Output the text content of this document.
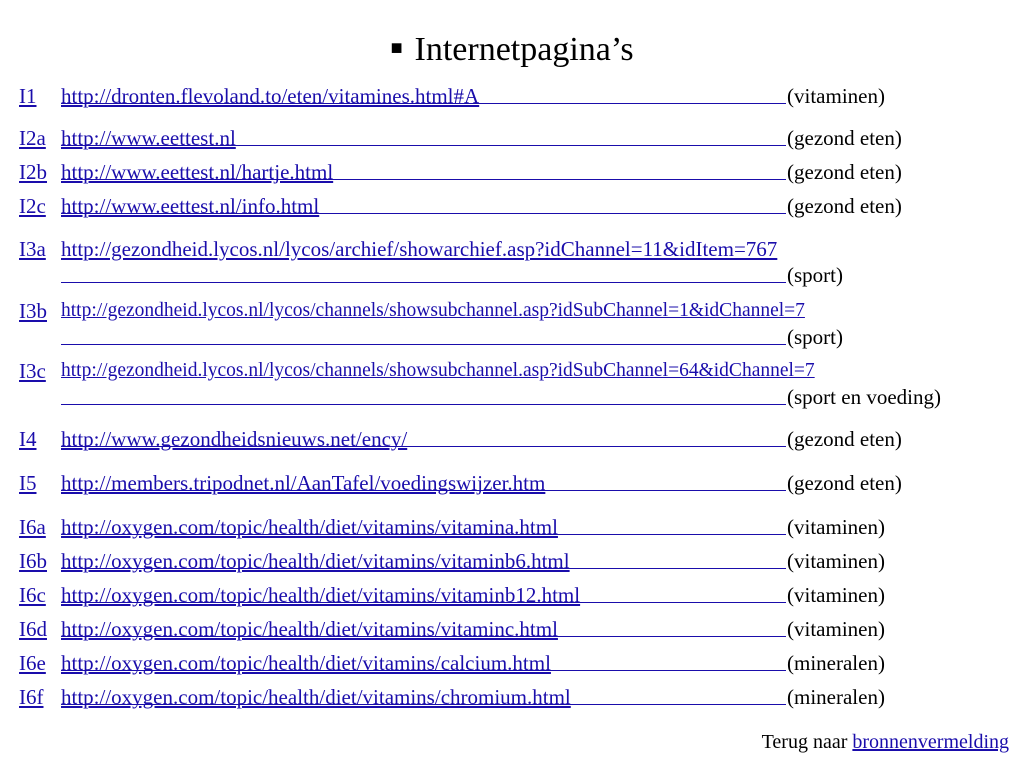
■ Internetpagina’s
I1 http://dronten.flevoland.to/eten/vitamines.html#A	(vitaminen)
I2a http://www.eettest.nl	(gezond eten)
I2b http://www.eettest.nl/hartje.html	(gezond eten)
I2c http://www.eettest.nl/info.html	(gezond eten)
I3a http://gezondheid.lycos.nl/lycos/archief/showarchief.asp?idChannel=11&idItem=767
(sport)
I3b http://gezondheid.lycos.nl/lycos/channels/showsubchannel.asp?idSubChannel=1&idChannel=7
(sport)
I3c http://gezondheid.lycos.nl/lycos/channels/showsubchannel.asp?idSubChannel=64&idChannel=7
(sport en voeding)
I4 http://www.gezondheidsnieuws.net/ency/	(gezond eten)
I5 http://members.tripodnet.nl/AanTafel/voedingswijzer.htm	(gezond eten)
I6a http://oxygen.com/topic/health/diet/vitamins/vitamina.html	(vitaminen)
I6b http://oxygen.com/topic/health/diet/vitamins/vitaminb6.html	(vitaminen)
I6c http://oxygen.com/topic/health/diet/vitamins/vitaminb12.html	(vitaminen)
I6d http://oxygen.com/topic/health/diet/vitamins/vitaminc.html	(vitaminen)
I6e http://oxygen.com/topic/health/diet/vitamins/calcium.html	(mineralen)
I6f http://oxygen.com/topic/health/diet/vitamins/chromium.html	(mineralen)
Terug naar bronnenvermelding
